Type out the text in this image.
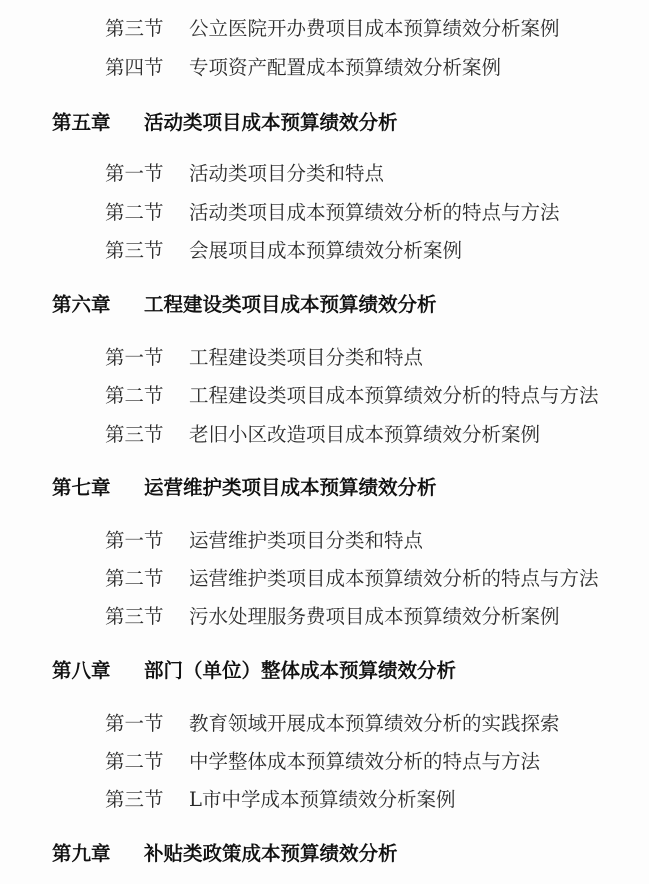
第三节 公立医院开办费项目成本预算绩效分析案例
第四节 专项资产配置成本预算绩效分析案例
第五章 活动类项目成本预算绩效分析
第一节 活动类项目分类和特点
第二节 活动类项目成本预算绩效分析的特点与方法
第三节 会展项目成本预算绩效分析案例
第六章 工程建设类项目成本预算绩效分析
第一节 工程建设类项目分类和特点
第二节 工程建设类项目成本预算绩效分析的特点与方法
第三节 老旧小区改造项目成本预算绩效分析案例
第七章 运营维护类项目成本预算绩效分析
第一节 运营维护类项目分类和特点
第二节 运营维护类项目成本预算绩效分析的特点与方法
第三节 污水处理服务费项目成本预算绩效分析案例
第八章 部门（单位）整体成本预算绩效分析
第一节 教育领域开展成本预算绩效分析的实践探索
第二节 中学整体成本预算绩效分析的特点与方法
第三节 L市中学成本预算绩效分析案例
第九章 补贴类政策成本预算绩效分析
